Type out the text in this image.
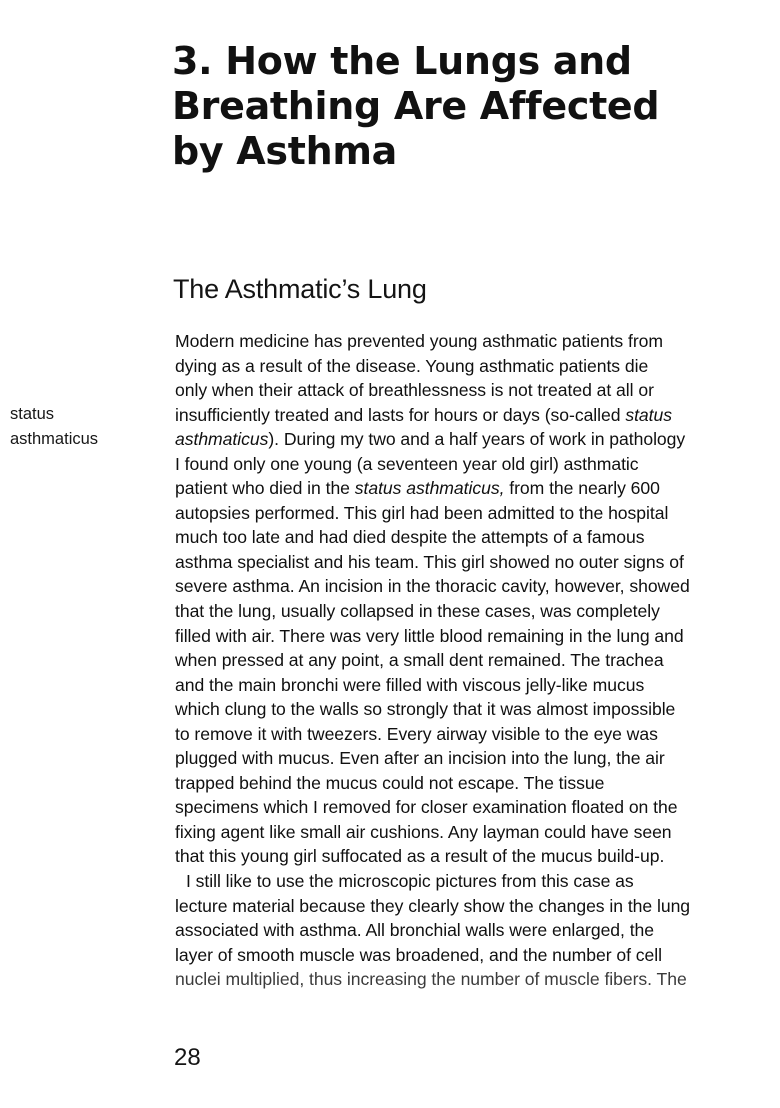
3. How the Lungs and
Breathing Are Affected
by Asthma
The Asthmatic’s Lung
status
asthmaticus
Modern medicine has prevented young asthmatic patients from
dying as a result of the disease. Young asthmatic patients die
only when their attack of breathlessness is not treated at all or
insufficiently treated and lasts for hours or days (so-called status
asthmaticus). During my two and a half years of work in pathology
I found only one young (a seventeen year old girl) asthmatic
patient who died in the status asthmaticus, from the nearly 600
autopsies performed. This girl had been admitted to the hospital
much too late and had died despite the attempts of a famous
asthma specialist and his team. This girl showed no outer signs of
severe asthma. An incision in the thoracic cavity, however, showed
that the lung, usually collapsed in these cases, was completely
filled with air. There was very little blood remaining in the lung and
when pressed at any point, a small dent remained. The trachea
and the main bronchi were filled with viscous jelly-like mucus
which clung to the walls so strongly that it was almost impossible
to remove it with tweezers. Every airway visible to the eye was
plugged with mucus. Even after an incision into the lung, the air
trapped behind the mucus could not escape. The tissue
specimens which I removed for closer examination floated on the
fixing agent like small air cushions. Any layman could have seen
that this young girl suffocated as a result of the mucus build-up.
I still like to use the microscopic pictures from this case as
lecture material because they clearly show the changes in the lung
associated with asthma. All bronchial walls were enlarged, the
layer of smooth muscle was broadened, and the number of cell
nuclei multiplied, thus increasing the number of muscle fibers. The
28
